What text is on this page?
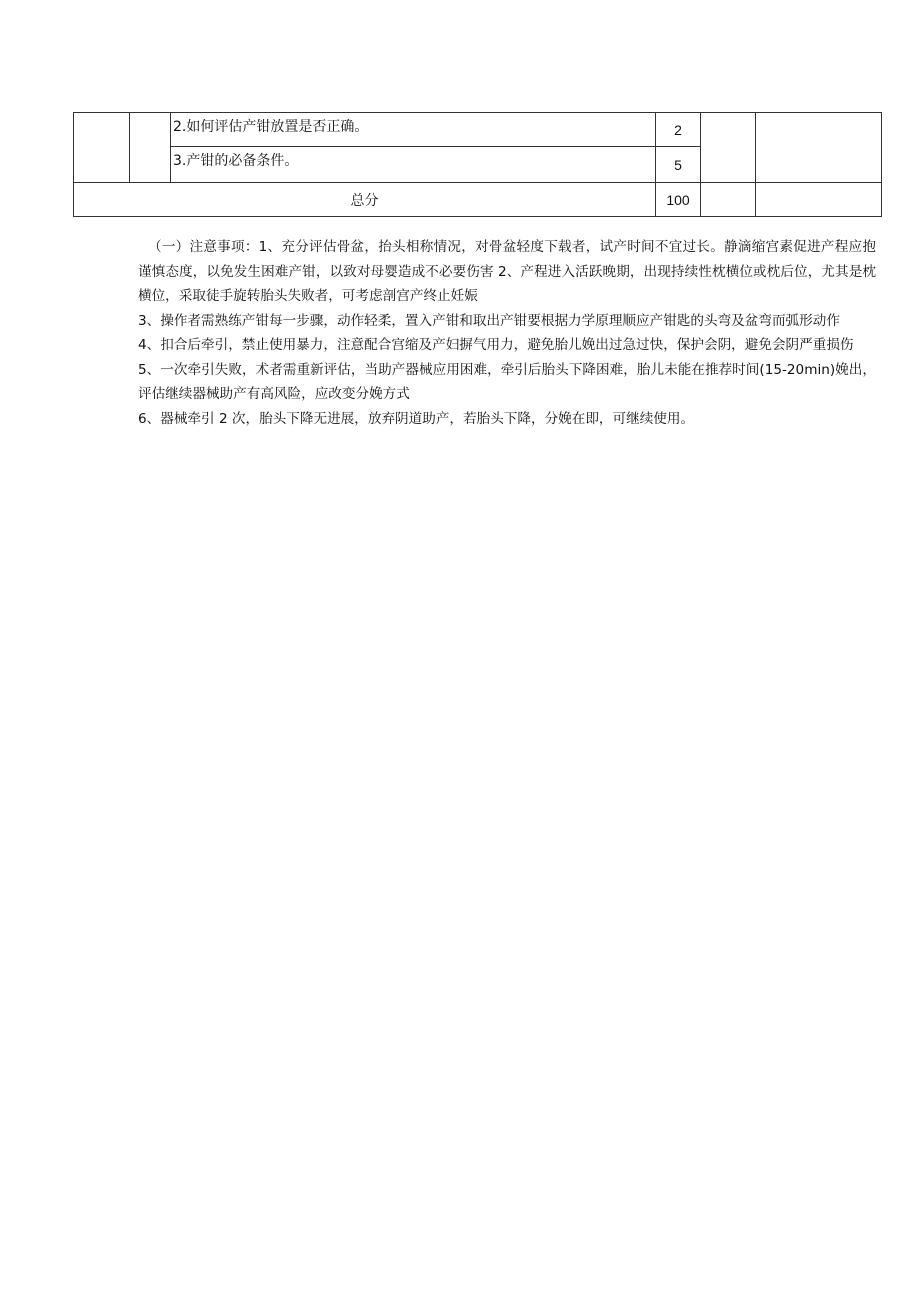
		2.如何评估产钳放置是否正确。	2		
		3.产钳的必备条件。	5		
总分			100		

（一）注意事项：1、充分评估骨盆，抬头相称情况，对骨盆轻度下载者，试产时间不宜过长。静滴缩宫素促进产程应抱谨慎态度，以免发生困难产钳，以致对母婴造成不必要伤害 2、产程进入活跃晚期，出现持续性枕横位或枕后位，尤其是枕横位，采取徒手旋转胎头失败者，可考虑剖宫产终止妊娠

3、操作者需熟练产钳每一步骤，动作轻柔，置入产钳和取出产钳要根据力学原理顺应产钳匙的头弯及盆弯而弧形动作

4、扣合后牵引，禁止使用暴力，注意配合宫缩及产妇摒气用力，避免胎儿娩出过急过快，保护会阴，避免会阴严重损伤

5、一次牵引失败，术者需重新评估，当助产器械应用困难，牵引后胎头下降困难，胎儿未能在推荐时间(15-20min)娩出，评估继续器械助产有高风险，应改变分娩方式

6、器械牵引 2 次，胎头下降无进展，放弃阴道助产，若胎头下降，分娩在即，可继续使用。
